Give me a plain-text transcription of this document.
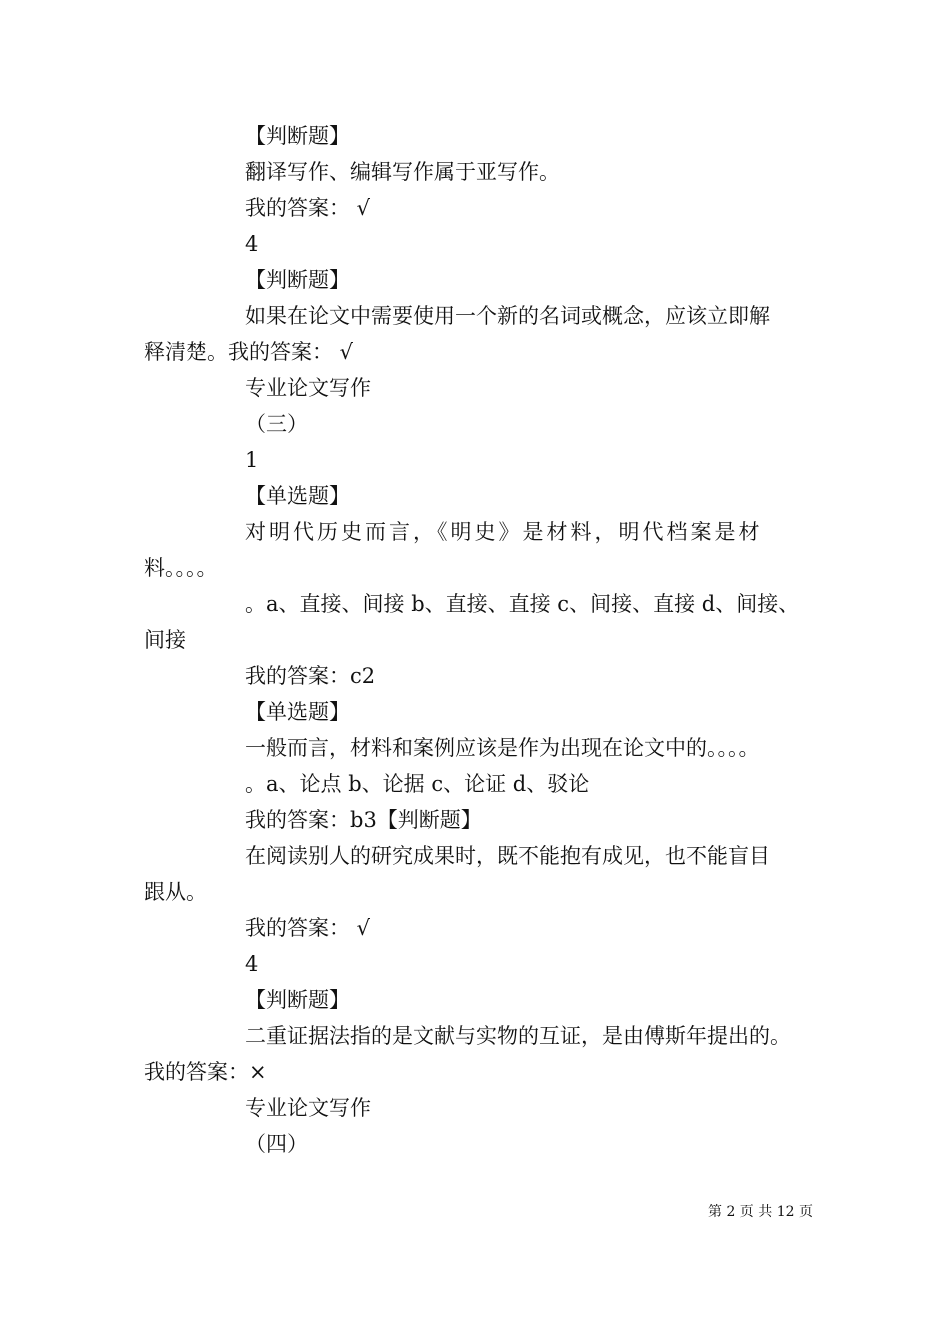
【判断题】
翻译写作、编辑写作属于亚写作。
我的答案： √
4
【判断题】
如果在论文中需要使用一个新的名词或概念，应该立即解
释清楚。我的答案： √
专业论文写作
（三）
1
【单选题】
对明代历史而言，《明史》是材料，明代档案是材
料。。。。
。a、直接、间接 b、直接、直接 c、间接、直接 d、间接、
间接
我的答案：c2
【单选题】
一般而言，材料和案例应该是作为出现在论文中的。。。。
。a、论点 b、论据 c、论证 d、驳论
我的答案：b3【判断题】
在阅读别人的研究成果时，既不能抱有成见，也不能盲目
跟从。
我的答案： √
4
【判断题】
二重证据法指的是文献与实物的互证，是由傅斯年提出的。
我的答案：×
专业论文写作
（四）
第 2 页 共 12 页
